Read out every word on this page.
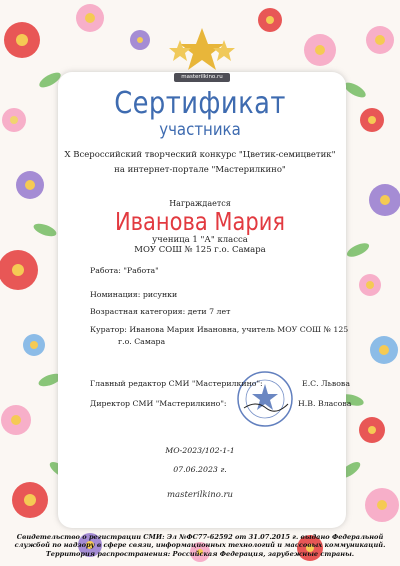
masterilkino.ru
Сертификат
участника
X Всероссийский творческий конкурс "Цветик-семицветик"
на интернет-портале "Мастерилкино"
Награждается
Иванова Мария
ученица 1 "А" класса
МОУ СОШ № 125 г.о. Самара
Работа: "Работа"
Номинация: рисунки
Возрастная категория: дети 7 лет
Куратор: Иванова Мария Ивановна, учитель МОУ СОШ № 125
г.о. Самара
Главный редактор СМИ "Мастерилкино":	Е.С. Львова
Директор СМИ "Мастерилкино":	Н.В. Власова
МО-2023/102-1-1
07.06.2023 г.
masterilkino.ru
Свидетельство о регистрации СМИ: Эл №ФС77-62592 от 31.07.2015 г. выдано Федеральной службой по надзору в сфере связи, информационных технологий и массовых коммуникаций. Территория распространения: Российская Федерация, зарубежные страны.
